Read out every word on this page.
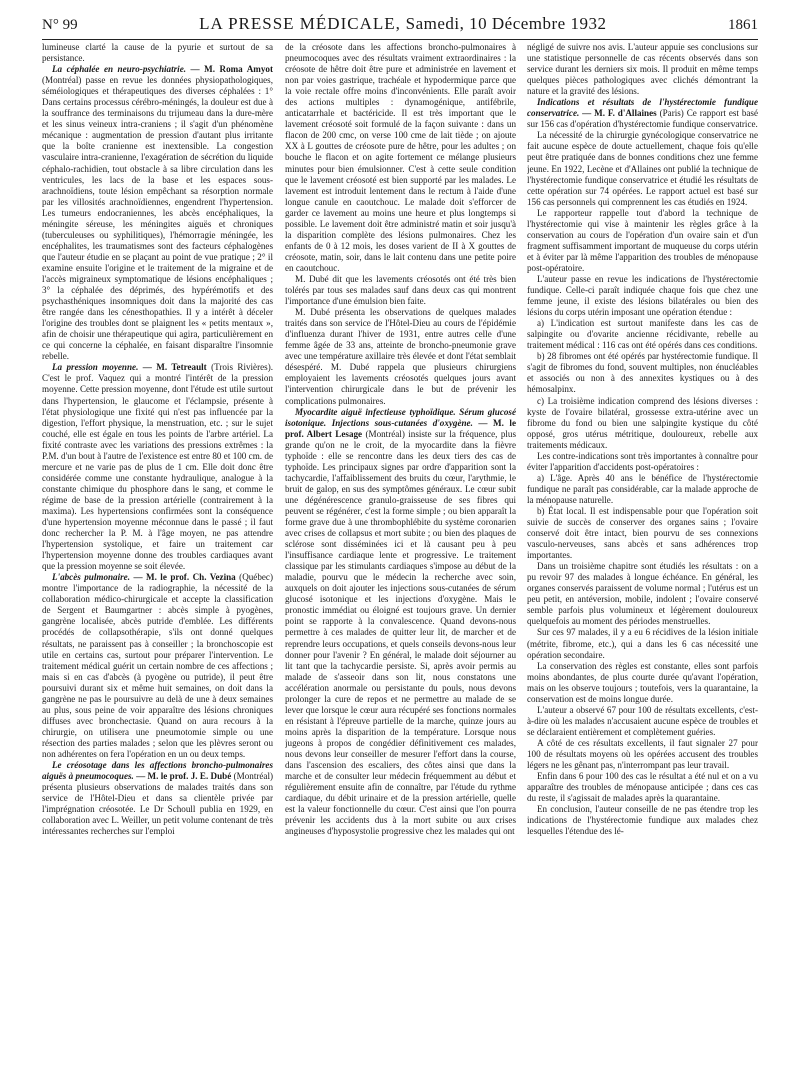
N° 99	LA PRESSE MÉDICALE, Samedi, 10 Décembre 1932	1861

lumineuse clarté la cause de la pyurie et surtout de sa persistance.

La céphalée en neuro-psychiatrie. — M. Roma Amyot (Montréal) passe en revue les données physiopathologiques, séméiologiques et thérapeutiques des diverses céphalées : 1° Dans certains processus cérébro-méningés, la douleur est due à la souffrance des terminaisons du trijumeau dans la dure-mère et les sinus veineux intra-craniens ; il s'agit d'un phénomène mécanique : augmentation de pression d'autant plus irritante que la boîte cranienne est inextensible. La congestion vasculaire intra-cranienne, l'exagération de sécrétion du liquide céphalo-rachidien, tout obstacle à sa libre circulation dans les ventricules, les lacs de la base et les espaces sous-arachnoïdiens, toute lésion empêchant sa résorption normale par les villosités arachnoïdiennes, engendrent l'hypertension. Les tumeurs endocraniennes, les abcès encéphaliques, la méningite séreuse, les méningites aiguës et chroniques (tuberculeuses ou syphilitiques), l'hémorragie méningée, les encéphalites, les traumatismes sont des facteurs céphalogènes que l'auteur étudie en se plaçant au point de vue pratique ; 2° il examine ensuite l'origine et le traitement de la migraine et de l'accès migraineux symptomatique de lésions encéphaliques ; 3° la céphalée des déprimés, des hypérémotifs et des psychasthéniques insomniques doit dans la majorité des cas être rangée dans les cénesthopathies. Il y a intérêt à déceler l'origine des troubles dont se plaignent les « petits mentaux », afin de choisir une thérapeutique qui agira, particulièrement en ce qui concerne la céphalée, en faisant disparaître l'insomnie rebelle.

La pression moyenne. — M. Tetreault (Trois Rivières). C'est le prof. Vaquez qui a montré l'intérêt de la pression moyenne. Cette pression moyenne, dont l'étude est utile surtout dans l'hypertension, le glaucome et l'éclampsie, présente à l'état physiologique une fixité qui n'est pas influencée par la digestion, l'effort physique, la menstruation, etc. ; sur le sujet couché, elle est égale en tous les points de l'arbre artériel. La fixité contraste avec les variations des pressions extrêmes : la P.M. d'un bout à l'autre de l'existence est entre 80 et 100 cm. de mercure et ne varie pas de plus de 1 cm. Elle doit donc être considérée comme une constante hydraulique, analogue à la constante chimique du phosphore dans le sang, et comme le régime de base de la pression artérielle (contrairement à la maxima). Les hypertensions confirmées sont la conséquence d'une hypertension moyenne méconnue dans le passé ; il faut donc rechercher la P. M. à l'âge moyen, ne pas attendre l'hypertension systolique, et faire un traitement car l'hypertension moyenne donne des troubles cardiaques avant que la pression moyenne se soit élevée.

L'abcès pulmonaire. — M. le prof. Ch. Vezina (Québec) montre l'importance de la radiographie, la nécessité de la collaboration médico-chirurgicale et accepte la classification de Sergent et Baumgartner : abcès simple à pyogènes, gangrène localisée, abcès putride d'emblée. Les différents procédés de collapsothérapie, s'ils ont donné quelques résultats, ne paraissent pas à conseiller ; la bronchoscopie est utile en certains cas, surtout pour préparer l'intervention. Le traitement médical guérit un certain nombre de ces affections ; mais si en cas d'abcès (à pyogène ou putride), il peut être poursuivi durant six et même huit semaines, on doit dans la gangrène ne pas le poursuivre au delà de une à deux semaines au plus, sous peine de voir apparaître des lésions chroniques diffuses avec bronchectasie. Quand on aura recours à la chirurgie, on utilisera une pneumotomie simple ou une résection des parties malades ; selon que les plèvres seront ou non adhérentes on fera l'opération en un ou deux temps.

Le créosotage dans les affections broncho-pulmonaires aiguës à pneumocoques. — M. le prof. J. E. Dubé (Montréal) présenta plusieurs observations de malades traités dans son service de l'Hôtel-Dieu et dans sa clientèle privée par l'imprégnation créosotée. Le Dr Schoull publia en 1929, en collaboration avec L. Weiller, un petit volume contenant de très intéressantes recherches sur l'emploi

de la créosote dans les affections broncho-pulmonaires à pneumocoques avec des résultats vraiment extraordinaires : la créosote de hêtre doit être pure et administrée en lavement et non par voies gastrique, trachéale et hypodermique parce que la voie rectale offre moins d'inconvénients. Elle paraît avoir des actions multiples : dynamogénique, antifébrile, anticatarrhale et bactéricide. Il est très important que le lavement créosoté soit formulé de la façon suivante : dans un flacon de 200 cmc, on verse 100 cme de lait tiède ; on ajoute XX à L gouttes de créosote pure de hêtre, pour les adultes ; on bouche le flacon et on agite fortement ce mélange plusieurs minutes pour bien émulsionner. C'est à cette seule condition que le lavement créosoté est bien supporté par les malades. Le lavement est introduit lentement dans le rectum à l'aide d'une longue canule en caoutchouc. Le malade doit s'efforcer de garder ce lavement au moins une heure et plus longtemps si possible. Le lavement doit être administré matin et soir jusqu'à la disparition complète des lésions pulmonaires. Chez les enfants de 0 à 12 mois, les doses varient de II à X gouttes de créosote, matin, soir, dans le lait contenu dans une petite poire en caoutchouc.

M. Dubé dit que les lavements créosotés ont été très bien tolérés par tous ses malades sauf dans deux cas qui montrent l'importance d'une émulsion bien faite.

M. Dubé présenta les observations de quelques malades traités dans son service de l'Hôtel-Dieu au cours de l'épidémie d'influenza durant l'hiver de 1931, entre autres celle d'une femme âgée de 33 ans, atteinte de broncho-pneumonie grave avec une température axillaire très élevée et dont l'état semblait désespéré. M. Dubé rappela que plusieurs chirurgiens employaient les lavements créosotés quelques jours avant l'intervention chirurgicale dans le but de prévenir les complications pulmonaires.

Myocardite aiguë infectieuse typhoïdique. Sérum glucosé isotonique. Injections sous-cutanées d'oxygène. — M. le prof. Albert Lesage (Montréal) insiste sur la fréquence, plus grande qu'on ne le croit, de la myocardite dans la fièvre typhoïde : elle se rencontre dans les deux tiers des cas de typhoïde. Les principaux signes par ordre d'apparition sont la tachycardie, l'affaiblissement des bruits du cœur, l'arythmie, le bruit de galop, en sus des symptômes généraux. Le cœur subit une dégénérescence granulo-graisseuse de ses fibres qui peuvent se régénérer, c'est la forme simple ; ou bien apparaît la forme grave due à une thrombophlébite du système coronarien avec crises de collapsus et mort subite ; ou bien des plaques de sclérose sont disséminées ici et là causant peu à peu l'insuffisance cardiaque lente et progressive. Le traitement classique par les stimulants cardiaques s'impose au début de la maladie, pourvu que le médecin la recherche avec soin, auxquels on doit ajouter les injections sous-cutanées de sérum glucosé isotonique et les injections d'oxygène. Mais le pronostic immédiat ou éloigné est toujours grave. Un dernier point se rapporte à la convalescence. Quand devons-nous permettre à ces malades de quitter leur lit, de marcher et de reprendre leurs occupations, et quels conseils devons-nous leur donner pour l'avenir ? En général, le malade doit séjourner au lit tant que la tachycardie persiste. Si, après avoir permis au malade de s'asseoir dans son lit, nous constatons une accélération anormale ou persistante du pouls, nous devons prolonger la cure de repos et ne permettre au malade de se lever que lorsque le cœur aura récupéré ses fonctions normales en résistant à l'épreuve partielle de la marche, quinze jours au moins après la disparition de la température. Lorsque nous jugeons à propos de congédier définitivement ces malades, nous devons leur conseiller de mesurer l'effort dans la course, dans l'ascension des escaliers, des côtes ainsi que dans la marche et de consulter leur médecin fréquemment au début et régulièrement ensuite afin de connaître, par l'étude du rythme cardiaque, du débit urinaire et de la pression artérielle, quelle est la valeur fonctionnelle du cœur. C'est ainsi que l'on pourra prévenir les accidents dus à la mort subite ou aux crises angineuses d'hyposystolie progressive chez les malades qui ont

négligé de suivre nos avis. L'auteur appuie ses conclusions sur une statistique personnelle de cas récents observés dans son service durant les derniers six mois. Il produit en même temps quelques pièces pathologiques avec clichés démontrant la nature et la gravité des lésions.

Indications et résultats de l'hystérectomie fundique conservatrice. — M. F. d'Allaines (Paris) Ce rapport est basé sur 156 cas d'opération d'hystérectomie fundique conservatrice.

La nécessité de la chirurgie gynécologique conservatrice ne fait aucune espèce de doute actuellement, chaque fois qu'elle peut être pratiquée dans de bonnes conditions chez une femme jeune. En 1922, Lecène et d'Allaines ont publié la technique de l'hystérectomie fundique conservatrice et étudié les résultats de cette opération sur 74 opérées. Le rapport actuel est basé sur 156 cas personnels qui comprennent les cas étudiés en 1924.

Le rapporteur rappelle tout d'abord la technique de l'hystérectomie qui vise à maintenir les règles grâce à la conservation au cours de l'opération d'un ovaire sain et d'un fragment suffisamment important de muqueuse du corps utérin et à éviter par là même l'apparition des troubles de ménopause post-opératoire.

L'auteur passe en revue les indications de l'hystérectomie fundique. Celle-ci paraît indiquée chaque fois que chez une femme jeune, il existe des lésions bilatérales ou bien des lésions du corps utérin imposant une opération étendue :

a) L'indication est surtout manifeste dans les cas de salpingite ou d'ovarite ancienne récidivante, rebelle au traitement médical : 116 cas ont été opérés dans ces conditions.

b) 28 fibromes ont été opérés par hystérectomie fundique. Il s'agit de fibromes du fond, souvent multiples, non énucléables et associés ou non à des annexites kystiques ou à des hémosalpinx.

c) La troisième indication comprend des lésions diverses : kyste de l'ovaire bilatéral, grossesse extra-utérine avec un fibrome du fond ou bien une salpingite kystique du côté opposé, gros utérus métritique, douloureux, rebelle aux traitements médicaux.

Les contre-indications sont très importantes à connaître pour éviter l'apparition d'accidents post-opératoires :

a) L'âge. Après 40 ans le bénéfice de l'hystérectomie fundique ne paraît pas considérable, car la malade approche de la ménopause naturelle.

b) État local. Il est indispensable pour que l'opération soit suivie de succès de conserver des organes sains ; l'ovaire conservé doit être intact, bien pourvu de ses connexions vasculo-nerveuses, sans abcès et sans adhérences trop importantes.

Dans un troisième chapitre sont étudiés les résultats : on a pu revoir 97 des malades à longue échéance. En général, les organes conservés paraissent de volume normal ; l'utérus est un peu petit, en antéversion, mobile, indolent ; l'ovaire conservé semble parfois plus volumineux et légèrement douloureux quelquefois au moment des périodes menstruelles.

Sur ces 97 malades, il y a eu 6 récidives de la lésion initiale (métrite, fibrome, etc.), qui a dans les 6 cas nécessité une opération secondaire.

La conservation des règles est constante, elles sont parfois moins abondantes, de plus courte durée qu'avant l'opération, mais on les observe toujours ; toutefois, vers la quarantaine, la conservation est de moins longue durée.

L'auteur a observé 67 pour 100 de résultats excellents, c'est-à-dire où les malades n'accusaient aucune espèce de troubles et se déclaraient entièrement et complètement guéries.

A côté de ces résultats excellents, il faut signaler 27 pour 100 de résultats moyens où les opérées accusent des troubles légers ne les gênant pas, n'interrompant pas leur travail.

Enfin dans 6 pour 100 des cas le résultat a été nul et on a vu apparaître des troubles de ménopause anticipée ; dans ces cas du reste, il s'agissait de malades après la quarantaine.

En conclusion, l'auteur conseille de ne pas étendre trop les indications de l'hystérectomie fundique aux malades chez lesquelles l'étendue des lé-
